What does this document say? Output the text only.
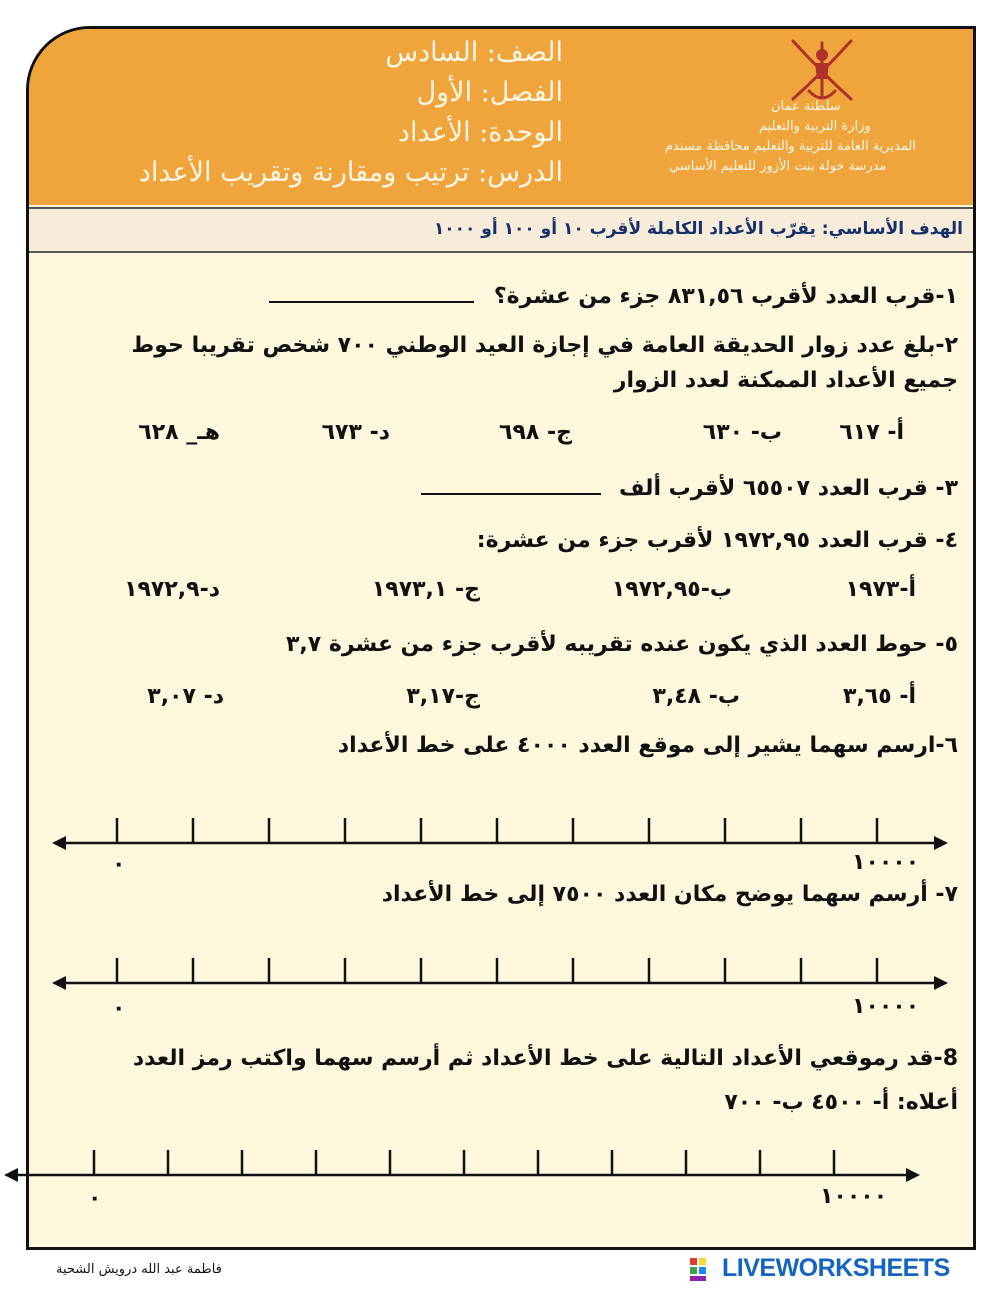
الصف: السادس
الفصل: الأول
الوحدة: الأعداد
الدرس: ترتيب ومقارنة وتقريب الأعداد
سلطنة عمان
وزارة التربية والتعليم
المديرية العامة للتربية والتعليم محافظة مسندم
مدرسة خولة بنت الأزور للتعليم الأساسي
الهدف الأساسي: يقرّب الأعداد الكاملة لأقرب ١٠ أو ١٠٠ أو ١٠٠٠
١-قرب العدد لأقرب ٨٣١,٥٦ جزء من عشرة؟
٢-بلغ عدد زوار الحديقة العامة في إجازة العيد الوطني ٧٠٠ شخص تقريبا حوط
جميع الأعداد الممكنة لعدد الزوار
أ- ٦١٧
ب- ٦٣٠
ج- ٦٩٨
د- ٦٧٣
هـ_ ٦٢٨
٣- قرب العدد ٦٥٥٠٧ لأقرب ألف
٤- قرب العدد ١٩٧٢,٩٥ لأقرب جزء من عشرة:
أ-١٩٧٣
ب-١٩٧٢,٩٥
ج- ١٩٧٣,١
د-١٩٧٢,٩
٥- حوط العدد الذي يكون عنده تقريبه لأقرب جزء من عشرة ٣,٧
أ- ٣,٦٥
ب- ٣,٤٨
ج-٣,١٧
د- ٣,٠٧
٦-ارسم سهما يشير إلى موقع العدد ٤٠٠٠ على خط الأعداد
٠	١٠٠٠٠
٧- أرسم سهما يوضح مكان العدد ٧٥٠٠ إلى خط الأعداد
٠	١٠٠٠٠
8-قد رموقعي الأعداد التالية على خط الأعداد ثم أرسم سهما واكتب رمز العدد
أعلاه: أ- ٤٥٠٠ ب- ٧٠٠
٠	١٠٠٠٠
فاطمة عبد الله درويش الشحية	LIVEWORKSHEETS
